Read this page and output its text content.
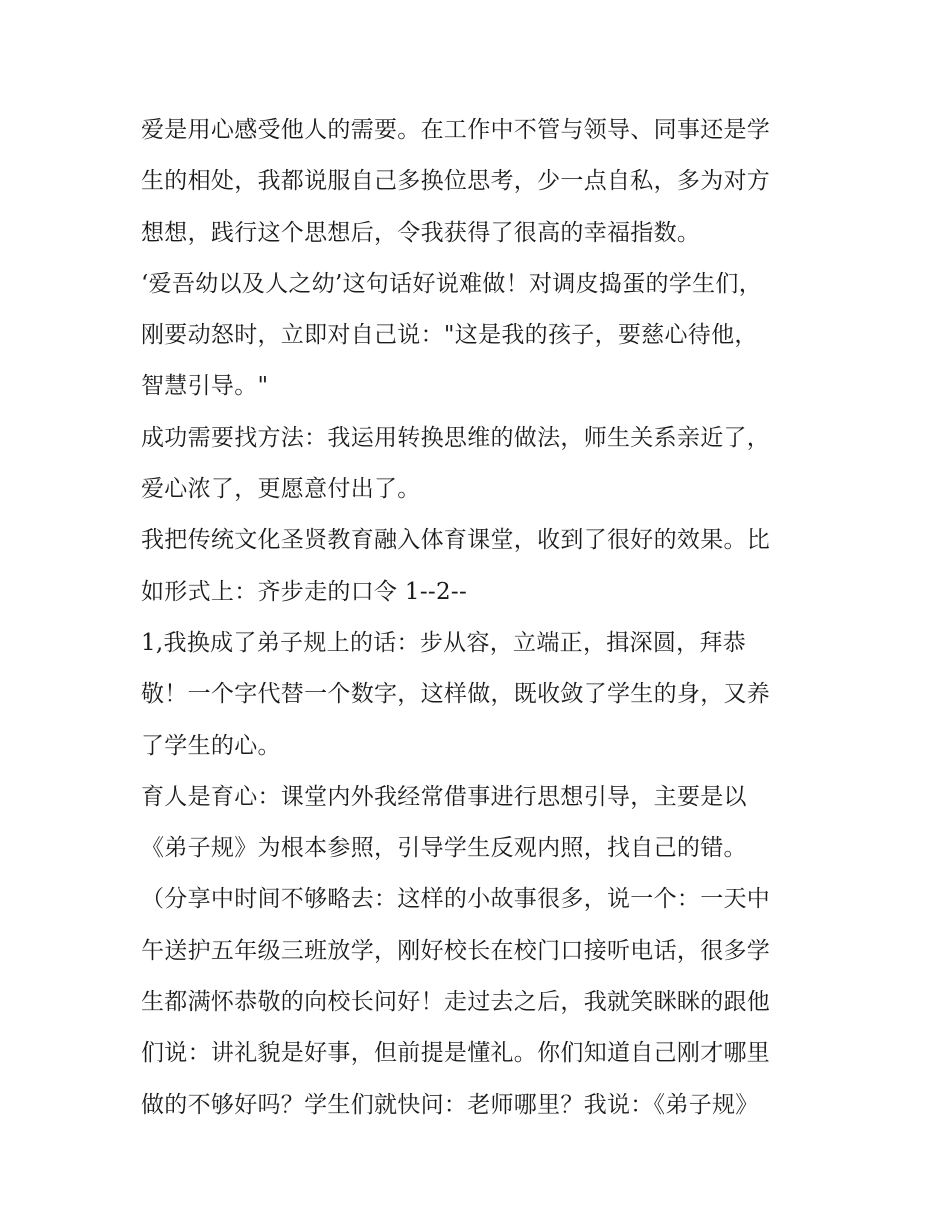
爱是用心感受他人的需要。在工作中不管与领导、同事还是学
生的相处，我都说服自己多换位思考，少一点自私，多为对方
想想，践行这个思想后，令我获得了很高的幸福指数。
‘爱吾幼以及人之幼’这句话好说难做！对调皮捣蛋的学生们，
刚要动怒时，立即对自己说："这是我的孩子，要慈心待他，
智慧引导。"
成功需要找方法：我运用转换思维的做法，师生关系亲近了，
爱心浓了，更愿意付出了。
我把传统文化圣贤教育融入体育课堂，收到了很好的效果。比
如形式上：齐步走的口令 1--2--
1,我换成了弟子规上的话：步从容，立端正，揖深圆，拜恭
敬！一个字代替一个数字，这样做，既收敛了学生的身，又养
了学生的心。
育人是育心：课堂内外我经常借事进行思想引导，主要是以
《弟子规》为根本参照，引导学生反观内照，找自己的错。
（分享中时间不够略去：这样的小故事很多，说一个：一天中
午送护五年级三班放学，刚好校长在校门口接听电话，很多学
生都满怀恭敬的向校长问好！走过去之后，我就笑眯眯的跟他
们说：讲礼貌是好事，但前提是懂礼。你们知道自己刚才哪里
做的不够好吗？学生们就快问：老师哪里？我说：《弟子规》
